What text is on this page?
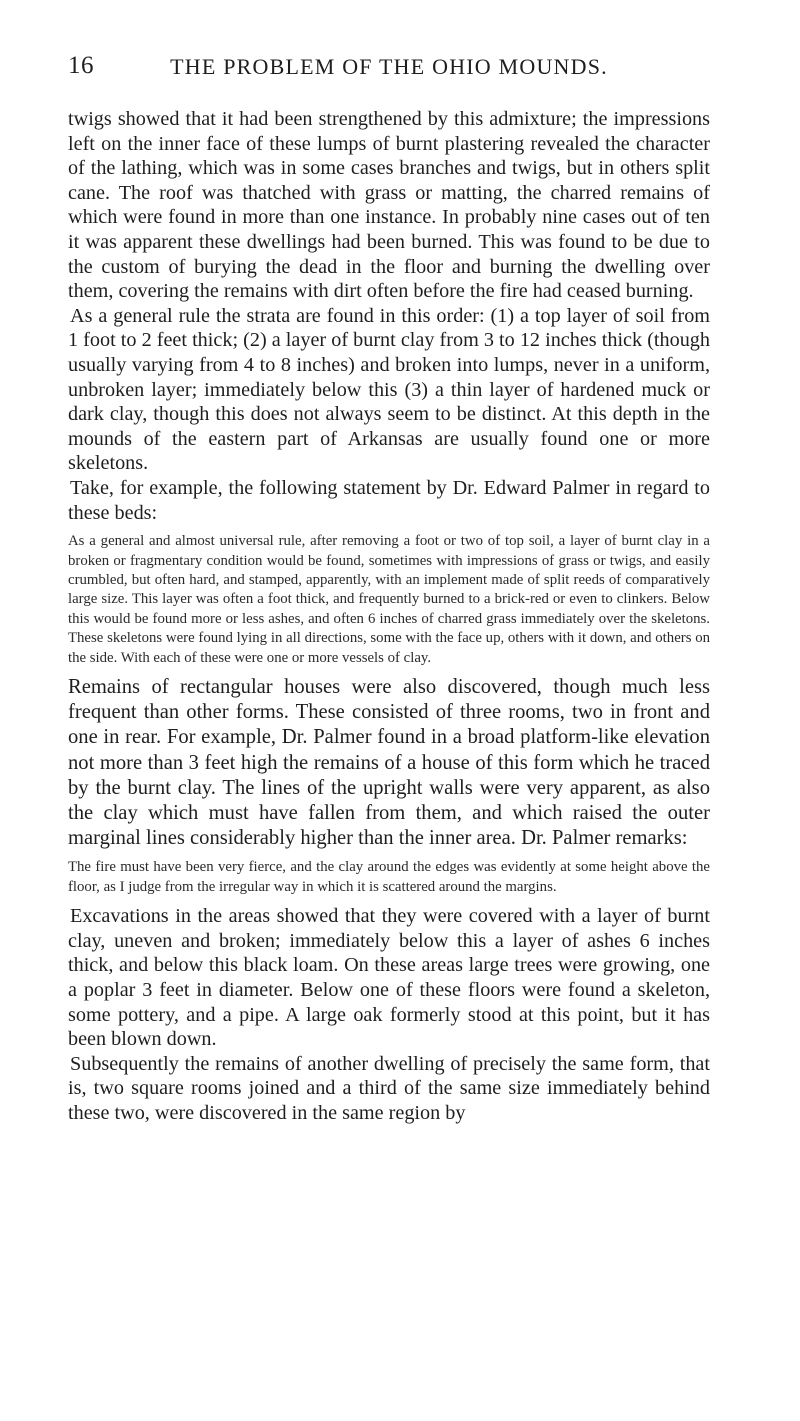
16	THE PROBLEM OF THE OHIO MOUNDS.

twigs showed that it had been strengthened by this admixture; the impressions left on the inner face of these lumps of burnt plastering revealed the character of the lathing, which was in some cases branches and twigs, but in others split cane. The roof was thatched with grass or matting, the charred remains of which were found in more than one instance. In probably nine cases out of ten it was apparent these dwellings had been burned. This was found to be due to the custom of burying the dead in the floor and burning the dwelling over them, covering the remains with dirt often before the fire had ceased burning.

As a general rule the strata are found in this order: (1) a top layer of soil from 1 foot to 2 feet thick; (2) a layer of burnt clay from 3 to 12 inches thick (though usually varying from 4 to 8 inches) and broken into lumps, never in a uniform, unbroken layer; immediately below this (3) a thin layer of hardened muck or dark clay, though this does not always seem to be distinct. At this depth in the mounds of the eastern part of Arkansas are usually found one or more skeletons.

Take, for example, the following statement by Dr. Edward Palmer in regard to these beds:

As a general and almost universal rule, after removing a foot or two of top soil, a layer of burnt clay in a broken or fragmentary condition would be found, sometimes with impressions of grass or twigs, and easily crumbled, but often hard, and stamped, apparently, with an implement made of split reeds of comparatively large size. This layer was often a foot thick, and frequently burned to a brick-red or even to clinkers. Below this would be found more or less ashes, and often 6 inches of charred grass immediately over the skeletons. These skeletons were found lying in all directions, some with the face up, others with it down, and others on the side. With each of these were one or more vessels of clay.

Remains of rectangular houses were also discovered, though much less frequent than other forms. These consisted of three rooms, two in front and one in rear. For example, Dr. Palmer found in a broad platform-like elevation not more than 3 feet high the remains of a house of this form which he traced by the burnt clay. The lines of the upright walls were very apparent, as also the clay which must have fallen from them, and which raised the outer marginal lines considerably higher than the inner area. Dr. Palmer remarks:

The fire must have been very fierce, and the clay around the edges was evidently at some height above the floor, as I judge from the irregular way in which it is scattered around the margins.

Excavations in the areas showed that they were covered with a layer of burnt clay, uneven and broken; immediately below this a layer of ashes 6 inches thick, and below this black loam. On these areas large trees were growing, one a poplar 3 feet in diameter. Below one of these floors were found a skeleton, some pottery, and a pipe. A large oak formerly stood at this point, but it has been blown down.

Subsequently the remains of another dwelling of precisely the same form, that is, two square rooms joined and a third of the same size immediately behind these two, were discovered in the same region by
